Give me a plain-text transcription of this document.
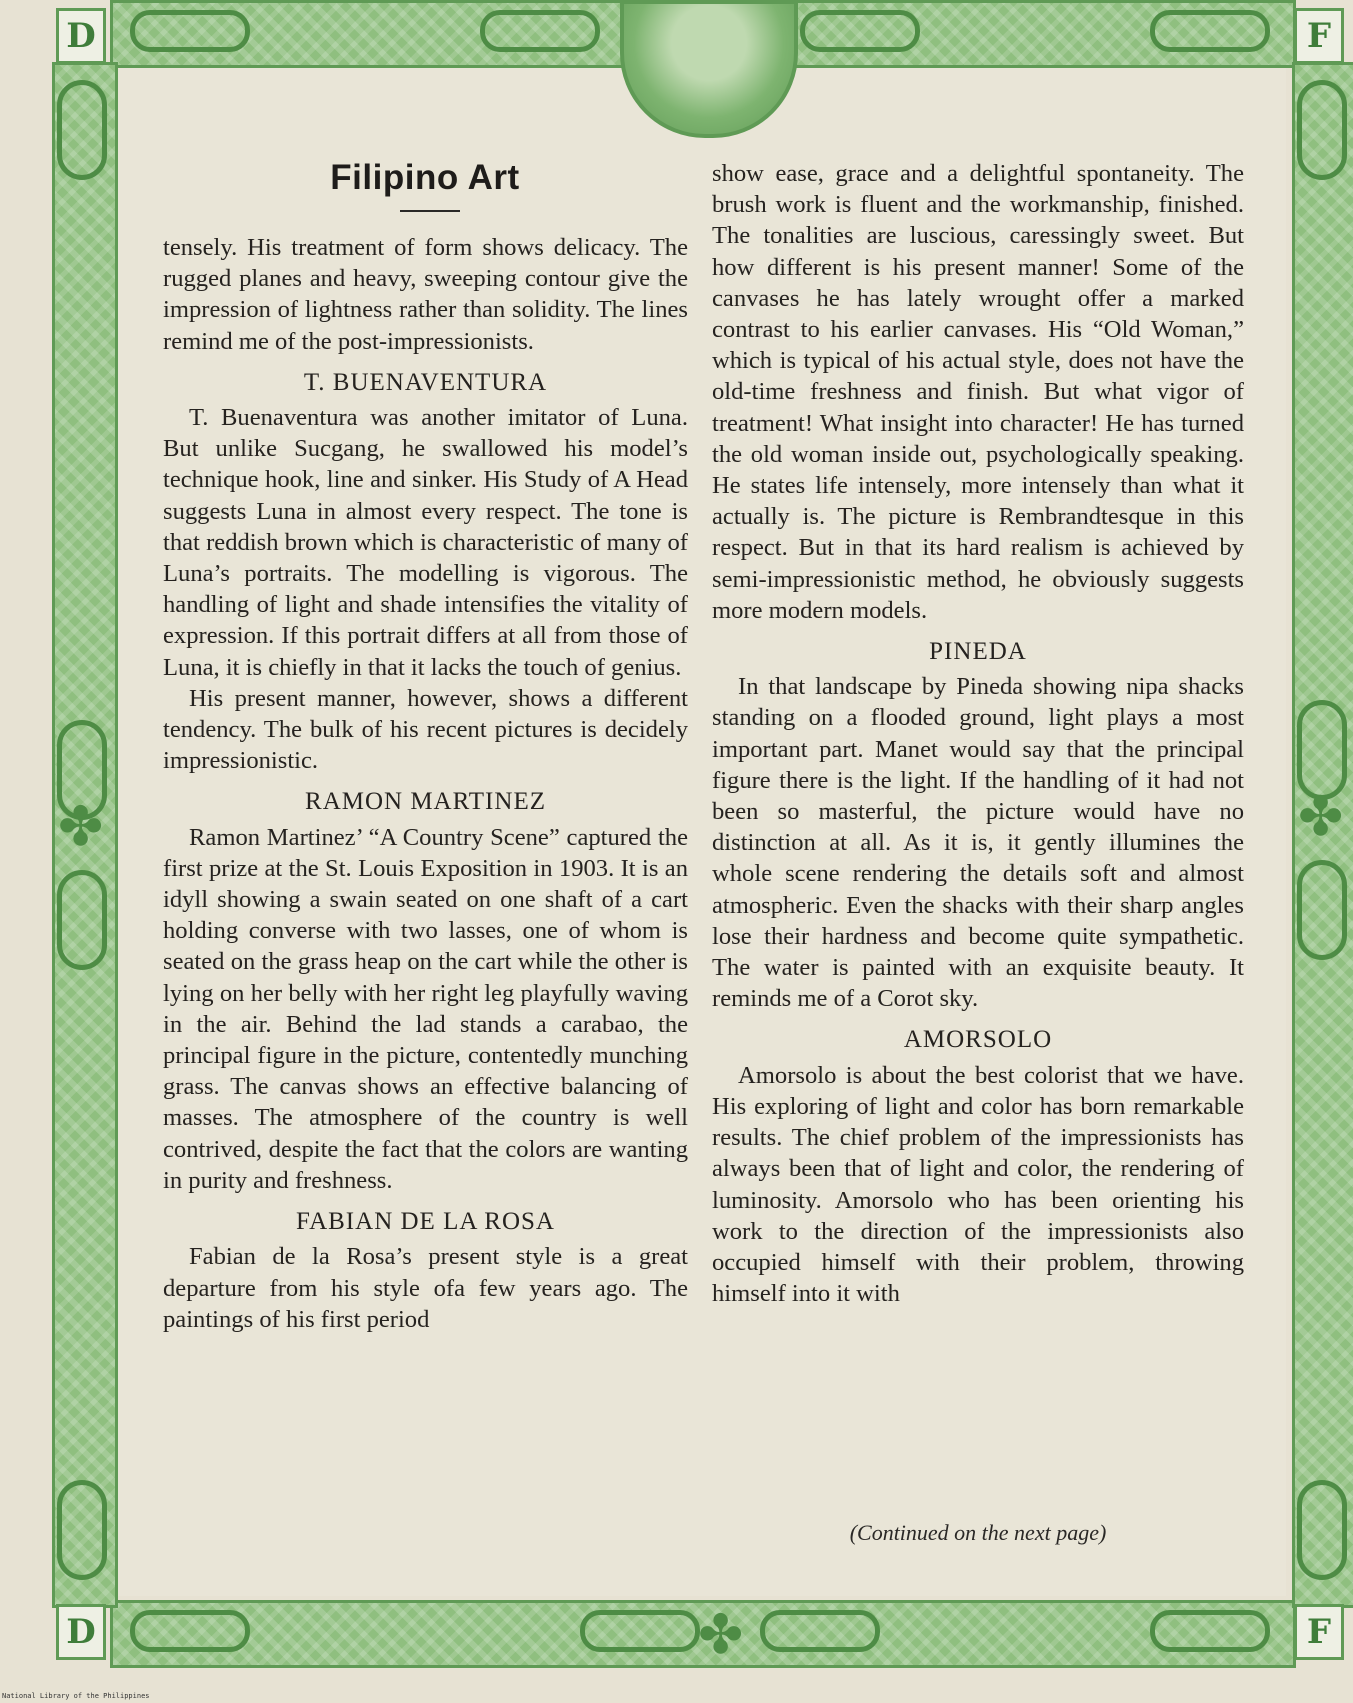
D	F
D	F
✤	✤
✤
Filipino Art

tensely. His treatment of form shows delicacy. The rugged planes and heavy, sweeping contour give the impression of lightness rather than solidity. The lines remind me of the post-impressionists.

T. BUENAVENTURA

T. Buenaventura was another imitator of Luna. But unlike Sucgang, he swallowed his model’s technique hook, line and sinker. His Study of A Head suggests Luna in almost every respect. The tone is that reddish brown which is characteristic of many of Luna’s portraits. The modelling is vigorous. The handling of light and shade intensifies the vitality of expression. If this portrait differs at all from those of Luna, it is chiefly in that it lacks the touch of genius.

His present manner, however, shows a different tendency. The bulk of his recent pictures is decidely impressionistic.

RAMON MARTINEZ

Ramon Martinez’ “A Country Scene” captured the first prize at the St. Louis Exposition in 1903. It is an idyll showing a swain seated on one shaft of a cart holding converse with two lasses, one of whom is seated on the grass heap on the cart while the other is lying on her belly with her right leg playfully waving in the air. Behind the lad stands a carabao, the principal figure in the picture, contentedly munching grass. The canvas shows an effective balancing of masses. The atmosphere of the country is well contrived, despite the fact that the colors are wanting in purity and freshness.

FABIAN DE LA ROSA

Fabian de la Rosa’s present style is a great departure from his style ofa few years ago. The paintings of his first period

show ease, grace and a delightful spontaneity. The brush work is fluent and the workmanship, finished. The tonalities are luscious, caressingly sweet. But how different is his present manner! Some of the canvases he has lately wrought offer a marked contrast to his earlier canvases. His “Old Woman,” which is typical of his actual style, does not have the old-time freshness and finish. But what vigor of treatment! What insight into character! He has turned the old woman inside out, psychologically speaking. He states life intensely, more intensely than what it actually is. The picture is Rembrandtesque in this respect. But in that its hard realism is achieved by semi-impressionistic method, he obviously suggests more modern models.

PINEDA

In that landscape by Pineda showing nipa shacks standing on a flooded ground, light plays a most important part. Manet would say that the principal figure there is the light. If the handling of it had not been so masterful, the picture would have no distinction at all. As it is, it gently illumines the whole scene rendering the details soft and almost atmospheric. Even the shacks with their sharp angles lose their hardness and become quite sympathetic. The water is painted with an exquisite beauty. It reminds me of a Corot sky.

AMORSOLO

Amorsolo is about the best colorist that we have. His exploring of light and color has born remarkable results. The chief problem of the impressionists has always been that of light and color, the rendering of luminosity. Amorsolo who has been orienting his work to the direction of the impressionists also occupied himself with their problem, throwing himself into it with

(Continued on the next page)
National Library of the Philippines
